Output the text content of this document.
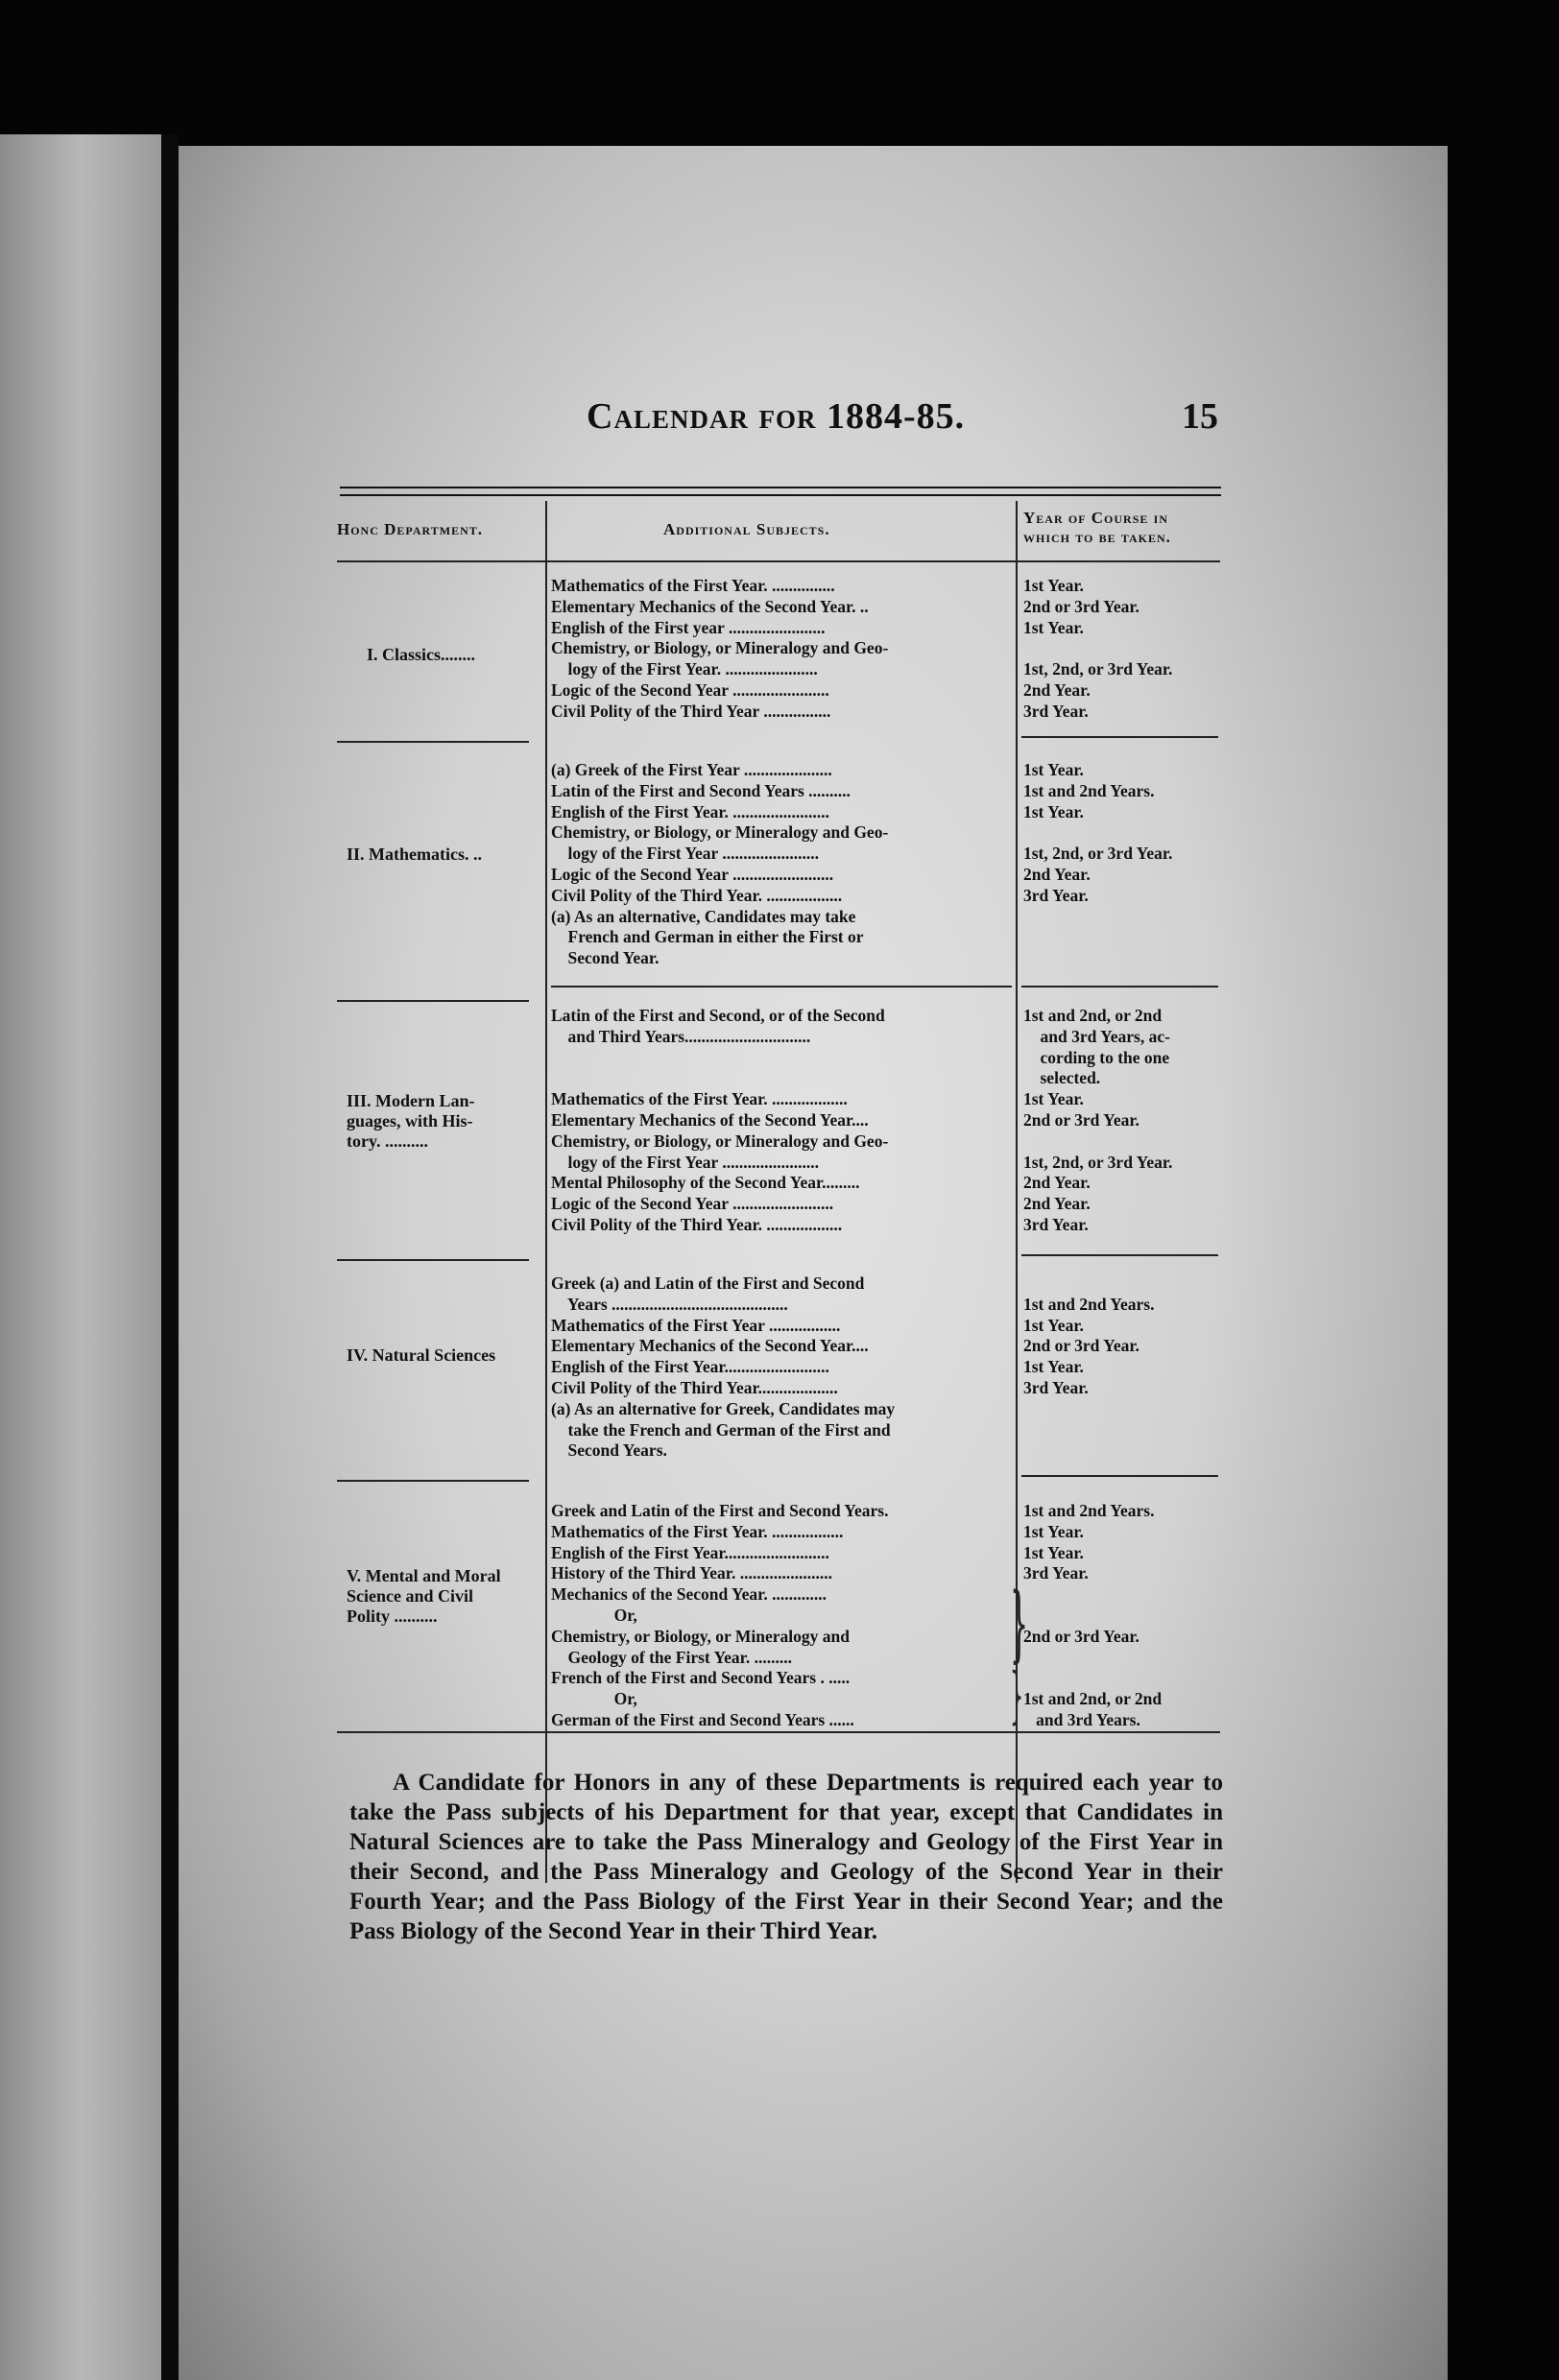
Calendar for 1884-85.	15
Honc Department.	Additional Subjects.
Year of Course in which to be taken.
I. Classics........
Mathematics of the First Year. ...............
Elementary Mechanics of the Second Year. ..
English of the First year .......................
Chemistry, or Biology, or Mineralogy and Geo-
logy of the First Year. ......................
Logic of the Second Year .......................
Civil Polity of the Third Year ................
1st Year.
2nd or 3rd Year.
1st Year.
1st, 2nd, or 3rd Year.
2nd Year.
3rd Year.
II. Mathematics. ..
(a) Greek of the First Year .....................
Latin of the First and Second Years ..........
English of the First Year. .......................
Chemistry, or Biology, or Mineralogy and Geo-
logy of the First Year .......................
Logic of the Second Year ........................
Civil Polity of the Third Year. ..................
(a) As an alternative, Candidates may take
French and German in either the First or
Second Year.
1st Year.
1st and 2nd Years.
1st Year.
1st, 2nd, or 3rd Year.
2nd Year.
3rd Year.
III. Modern Lan-
guages, with His-
tory. ..........
Latin of the First and Second, or of the Second
and Third Years..............................
Mathematics of the First Year. ..................
Elementary Mechanics of the Second Year....
Chemistry, or Biology, or Mineralogy and Geo-
logy of the First Year .......................
Mental Philosophy of the Second Year.........
Logic of the Second Year ........................
Civil Polity of the Third Year. ..................
1st and 2nd, or 2nd
and 3rd Years, ac-
cording to the one
selected.
1st Year.
2nd or 3rd Year.
1st, 2nd, or 3rd Year.
2nd Year.
2nd Year.
3rd Year.
IV. Natural Sciences
Greek (a) and Latin of the First and Second
Years ..........................................
Mathematics of the First Year .................
Elementary Mechanics of the Second Year....
English of the First Year.........................
Civil Polity of the Third Year...................
(a) As an alternative for Greek, Candidates may
take the French and German of the First and
Second Years.
1st and 2nd Years.
1st Year.
2nd or 3rd Year.
1st Year.
3rd Year.
V. Mental and Moral
Science and Civil
Polity ..........
Greek and Latin of the First and Second Years.
Mathematics of the First Year. .................
English of the First Year.........................
History of the Third Year. ......................
Mechanics of the Second Year. .............
Or,
Chemistry, or Biology, or Mineralogy and
Geology of the First Year. .........
French of the First and Second Years . .....
Or,
German of the First and Second Years ......
1st and 2nd Years.
1st Year.
1st Year.
3rd Year.
2nd or 3rd Year.
1st and 2nd, or 2nd
and 3rd Years.
}
}

A Candidate for Honors in any of these Departments is required each year to take the Pass subjects of his Department for that year, except that Candidates in Natural Sciences are to take the Pass Mineralogy and Geology of the First Year in their Second, and the Pass Mineralogy and Geology of the Second Year in their Fourth Year; and the Pass Biology of the First Year in their Second Year; and the Pass Biology of the Second Year in their Third Year.
